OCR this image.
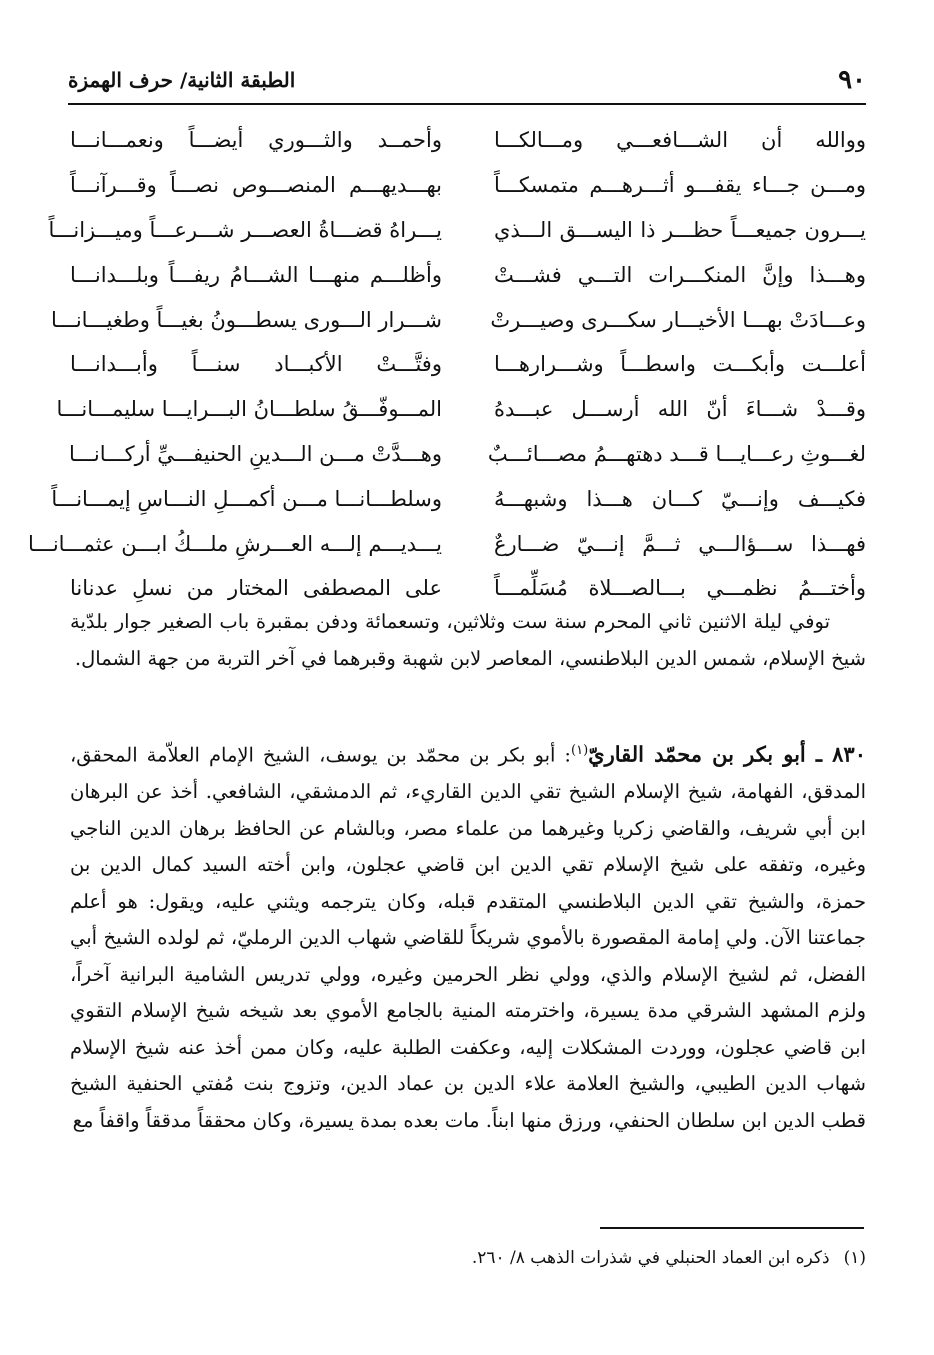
٩٠
الطبقة الثانية/ حرف الهمزة
ووالله أن الشـــافعـــي ومـــالكـــا
وأحمــد والثـــوري أيضـــاً ونعمـــانـــا
ومـــن جـــاء يقفـــو أثـــرهـــم متمسكـــاً
بهـــديهـــم المنصـــوص نصـــاً وقـــرآنـــاً
يـــرون جميعـــاً حظـــر ذا اليســـق الـــذي
يـــراهُ قضـــاةُ العصـــر شـــرعـــاً وميـــزانـــاً
وهـــذا وإنَّ المنكـــرات التـــي فشـــتْ
وأظلـــم منهـــا الشـــامُ ريفـــاً وبلـــدانـــا
وعـــادَتْ بهـــا الأخيـــار سكـــرى وصيـــرتْ
شـــرار الـــورى يسطـــونُ بغيـــاً وطغيـــانـــا
أعلـــت وأبكـــت واسطـــاً وشـــرارهـــا
وفتَّـــتْ الأكبـــاد سنـــاً وأبـــدانـــا
وقـــدْ شـــاءَ أنّ الله أرســـل عبـــدهُ
المـــوفّـــقُ سلطـــانُ البـــرايـــا سليمـــانـــا
لغـــوثِ رعـــايـــا قـــد دهتهـــمُ مصـــائـــبٌ
وهـــدَّتْ مـــن الـــدينِ الحنيفـــيِّ أركـــانـــا
فكيـــف وإنـــيّ كـــان هـــذا وشبهـــهُ
وسلطـــانـــا مـــن أكمـــلِ النـــاسِ إيمـــانـــاً
فهـــذا ســـؤالـــي ثـــمَّ إنـــيّ ضـــارعٌ
يـــديـــم إلـــه العـــرشِ ملـــكُ ابـــن عثمـــانـــا
وأختـــمُ نظمـــي بـــالصـــلاة مُسَلِّمـــاً
على المصطفى المختار من نسلِ عدنانا

توفي ليلة الاثنين ثاني المحرم سنة ست وثلاثين، وتسعمائة ودفن بمقبرة باب الصغير جوار بلدّية شيخ الإسلام، شمس الدين البلاطنسي، المعاصر لابن شهبة وقبرهما في آخر التربة من جهة الشمال.

٨٣٠ ـ أبو بكر بن محمّد القاريّ$^{(١)}$: أبو بكر بن محمّد بن يوسف، الشيخ الإمام العلاّمة المحقق، المدقق، الفهامة، شيخ الإسلام الشيخ تقي الدين القاريء، ثم الدمشقي، الشافعي. أخذ عن البرهان ابن أبي شريف، والقاضي زكريا وغيرهما من علماء مصر، وبالشام عن الحافظ برهان الدين الناجي وغيره، وتفقه على شيخ الإسلام تقي الدين ابن قاضي عجلون، وابن أخته السيد كمال الدين بن حمزة، والشيخ تقي الدين البلاطنسي المتقدم قبله، وكان يترجمه ويثني عليه، ويقول: هو أعلم جماعتنا الآن. ولي إمامة المقصورة بالأموي شريكاً للقاضي شهاب الدين الرمليّ، ثم لولده الشيخ أبي الفضل، ثم لشيخ الإسلام والذي، وولي نظر الحرمين وغيره، وولي تدريس الشامية البرانية آخراً، ولزم المشهد الشرقي مدة يسيرة، واخترمته المنية بالجامع الأموي بعد شيخه شيخ الإسلام التقوي ابن قاضي عجلون، ووردت المشكلات إليه، وعكفت الطلبة عليه، وكان ممن أخذ عنه شيخ الإسلام شهاب الدين الطيبي، والشيخ العلامة علاء الدين بن عماد الدين، وتزوج بنت مُفتي الحنفية الشيخ قطب الدين ابن سلطان الحنفي، ورزق منها ابناً. مات بعده بمدة يسيرة، وكان محققاً مدققاً واقفاً مع

(١)ذكره ابن العماد الحنبلي في شذرات الذهب ٨/ ٢٦٠.
